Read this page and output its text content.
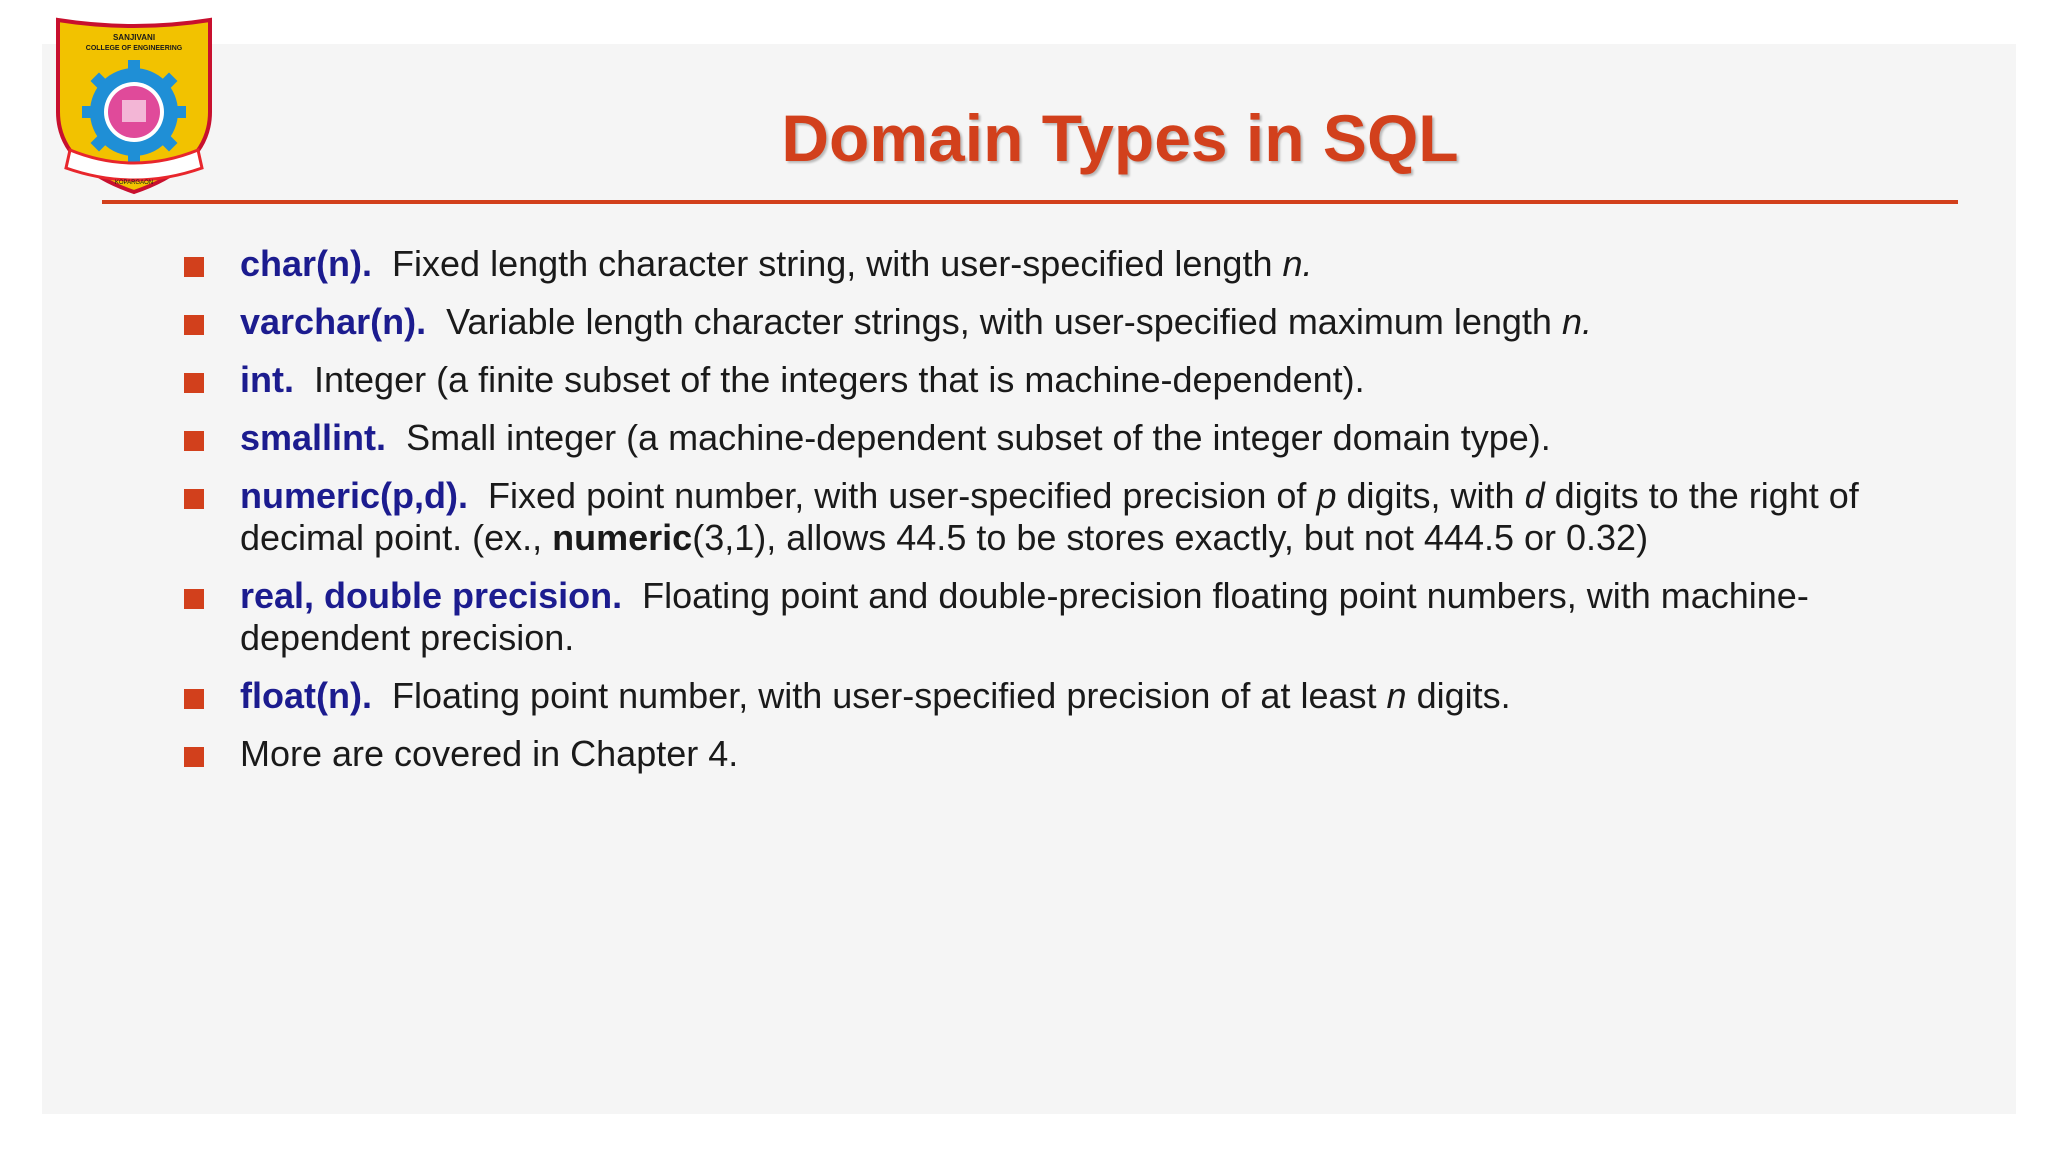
SANJIVANI
COLLEGE OF ENGINEERING
KOPARGAON
Domain Types in SQL
char(n). Fixed length character string, with user-specified length n.
varchar(n). Variable length character strings, with user-specified maximum length n.
int. Integer (a finite subset of the integers that is machine-dependent).
smallint. Small integer (a machine-dependent subset of the integer domain type).
numeric(p,d). Fixed point number, with user-specified precision of p digits, with d digits to the right of decimal point. (ex., numeric(3,1), allows 44.5 to be stores exactly, but not 444.5 or 0.32)
real, double precision. Floating point and double-precision floating point numbers, with machine-dependent precision.
float(n). Floating point number, with user-specified precision of at least n digits.
More are covered in Chapter 4.
